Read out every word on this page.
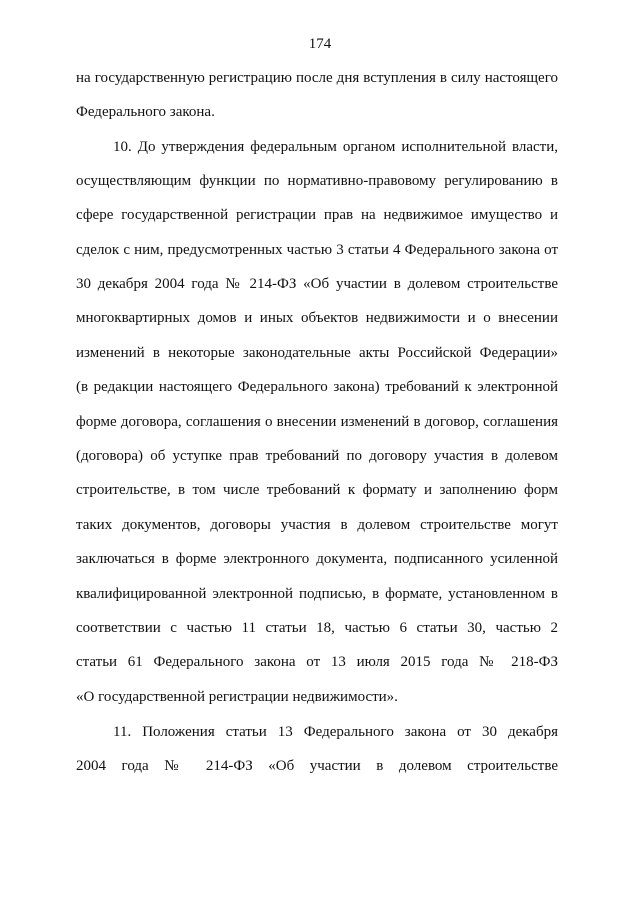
174
на государственную регистрацию после дня вступления в силу настоящего
Федерального закона.
10. До утверждения федеральным органом исполнительной власти,
осуществляющим функции по нормативно-правовому регулированию в
сфере государственной регистрации прав на недвижимое имущество и
сделок с ним, предусмотренных частью 3 статьи 4 Федерального закона от
30 декабря 2004 года № 214-ФЗ «Об участии в долевом строительстве
многоквартирных домов и иных объектов недвижимости и о внесении
изменений в некоторые законодательные акты Российской Федерации»
(в редакции настоящего Федерального закона) требований к электронной
форме договора, соглашения о внесении изменений в договор, соглашения
(договора) об уступке прав требований по договору участия в долевом
строительстве, в том числе требований к формату и заполнению форм
таких документов, договоры участия в долевом строительстве могут
заключаться в форме электронного документа, подписанного усиленной
квалифицированной электронной подписью, в формате, установленном в
соответствии с частью 11 статьи 18, частью 6 статьи 30, частью 2
статьи 61 Федерального закона от 13 июля 2015 года № 218-ФЗ
«О государственной регистрации недвижимости».
11. Положения статьи 13 Федерального закона от 30 декабря
2004 года № 214-ФЗ «Об участии в долевом строительстве
